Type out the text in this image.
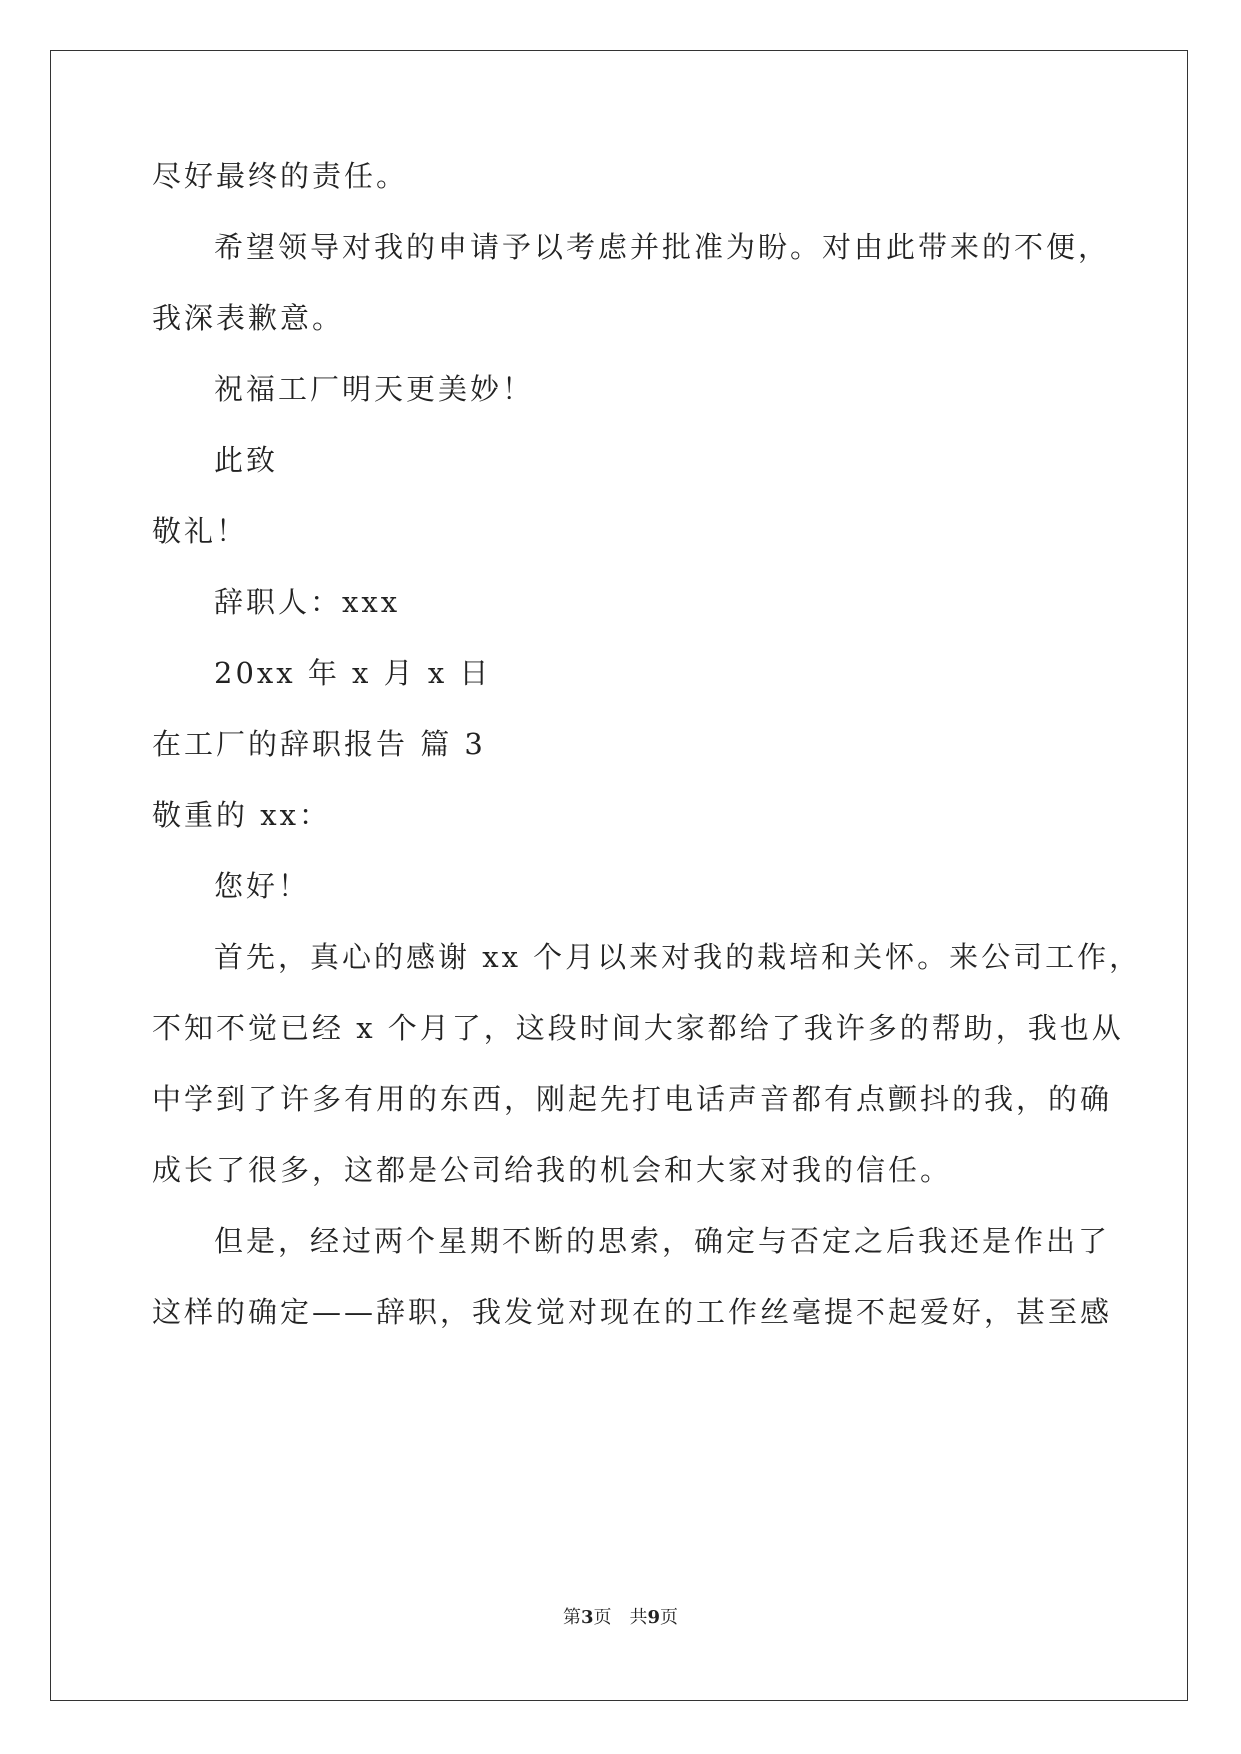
尽好最终的责任。
希望领导对我的申请予以考虑并批准为盼。对由此带来的不便，
我深表歉意。
祝福工厂明天更美妙！
此致
敬礼！
辞职人：xxx
20xx 年 x 月 x 日
在工厂的辞职报告 篇 3
敬重的 xx：
您好！
首先，真心的感谢 xx 个月以来对我的栽培和关怀。来公司工作，
不知不觉已经 x 个月了，这段时间大家都给了我许多的帮助，我也从
中学到了许多有用的东西，刚起先打电话声音都有点颤抖的我，的确
成长了很多，这都是公司给我的机会和大家对我的信任。
但是，经过两个星期不断的思索，确定与否定之后我还是作出了
这样的确定——辞职，我发觉对现在的工作丝毫提不起爱好，甚至感
第3页 共9页
